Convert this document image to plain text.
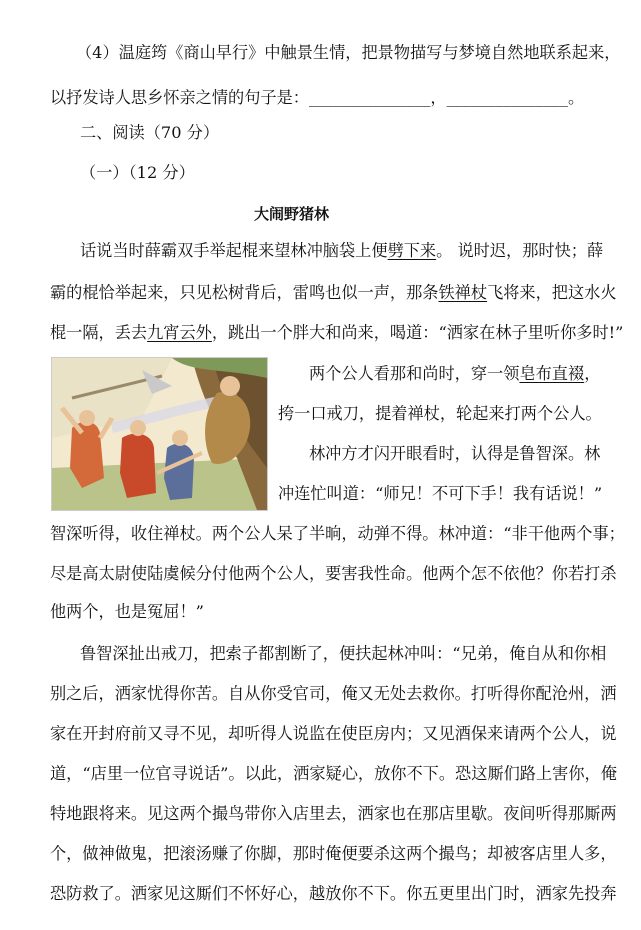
（4）温庭筠《商山早行》中触景生情，把景物描写与梦境自然地联系起来，
以抒发诗人思乡怀亲之情的句子是：_______________，_______________。
二、阅读（70 分）
（一）（12 分）
大闹野猪林
话说当时薛霸双手举起棍来望林冲脑袋上便劈下来。 说时迟，那时快；薛
霸的棍恰举起来，只见松树背后，雷鸣也似一声，那条铁禅杖飞将来，把这水火
棍一隔，丢去九宵云外，跳出一个胖大和尚来，喝道：“洒家在林子里听你多时!”
两个公人看那和尚时，穿一领皂布直裰，
挎一口戒刀，提着禅杖，轮起来打两个公人。
林冲方才闪开眼看时，认得是鲁智深。林
冲连忙叫道：“师兄！不可下手！我有话说！”
智深听得，收住禅杖。两个公人呆了半晌，动弹不得。林冲道：“非干他两个事；
尽是高太尉使陆虞候分付他两个公人，要害我性命。他两个怎不依他？你若打杀
他两个，也是冤屈！”
鲁智深扯出戒刀，把索子都割断了，便扶起林冲叫：“兄弟，俺自从和你相
别之后，洒家忧得你苦。自从你受官司，俺又无处去救你。打听得你配沧州，洒
家在开封府前又寻不见，却听得人说监在使臣房内；又见酒保来请两个公人，说
道，“店里一位官寻说话”。以此，洒家疑心，放你不下。恐这厮们路上害你，俺
特地跟将来。见这两个撮鸟带你入店里去，洒家也在那店里歇。夜间听得那厮两
个，做神做鬼，把滚汤赚了你脚，那时俺便要杀这两个撮鸟；却被客店里人多，
恐防救了。洒家见这厮们不怀好心，越放你不下。你五更里出门时，洒家先投奔
